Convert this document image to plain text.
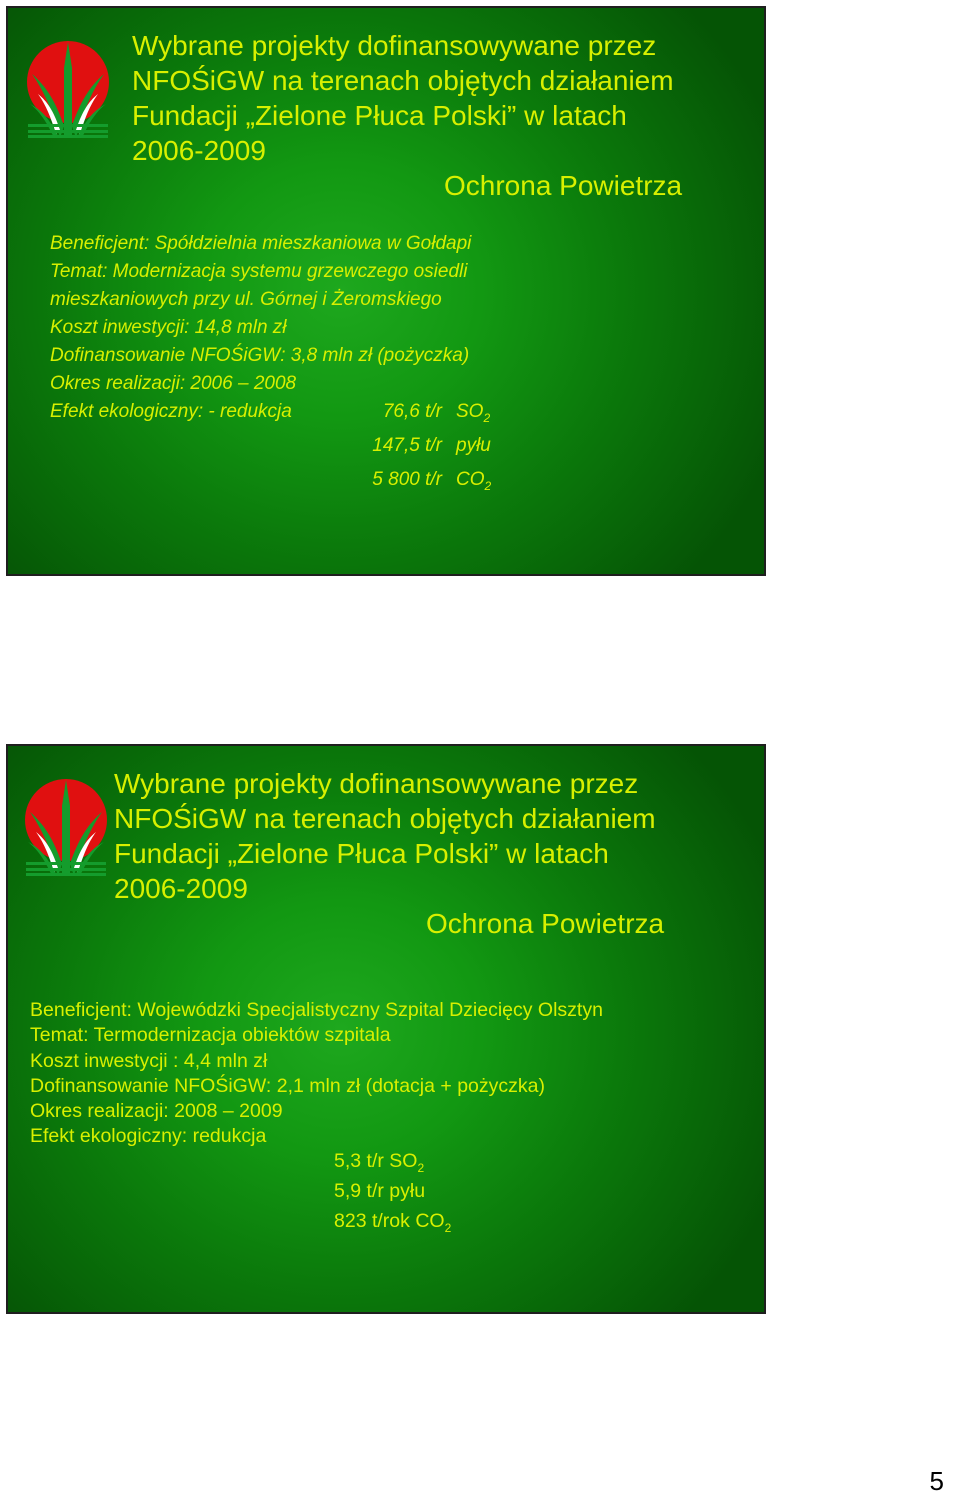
Wybrane projekty dofinansowywane przez
NFOŚiGW na terenach objętych działaniem
Fundacji „Zielone Płuca Polski” w latach
2006-2009
Ochrona Powietrza
Beneficjent: Spółdzielnia mieszkaniowa w Gołdapi
Temat: Modernizacja systemu grzewczego osiedli
mieszkaniowych przy ul. Górnej i Żeromskiego
Koszt inwestycji: 14,8 mln zł
Dofinansowanie NFOŚiGW: 3,8 mln zł (pożyczka)
Okres realizacji: 2006 – 2008
Efekt ekologiczny: - redukcja	76,6 t/r $SO_2$
147,5 t/r pyłu
5 800 t/r $CO_2$
Wybrane projekty dofinansowywane przez
NFOŚiGW na terenach objętych działaniem
Fundacji „Zielone Płuca Polski” w latach
2006-2009
Ochrona Powietrza
Beneficjent: Wojewódzki Specjalistyczny Szpital Dziecięcy Olsztyn
Temat: Termodernizacja obiektów szpitala
Koszt inwestycji : 4,4 mln zł
Dofinansowanie NFOŚiGW: 2,1 mln zł (dotacja + pożyczka)
Okres realizacji: 2008 – 2009
Efekt ekologiczny: redukcja
5,3 t/r $SO_2$
5,9 t/r pyłu
823 t/rok $CO_2$
5
